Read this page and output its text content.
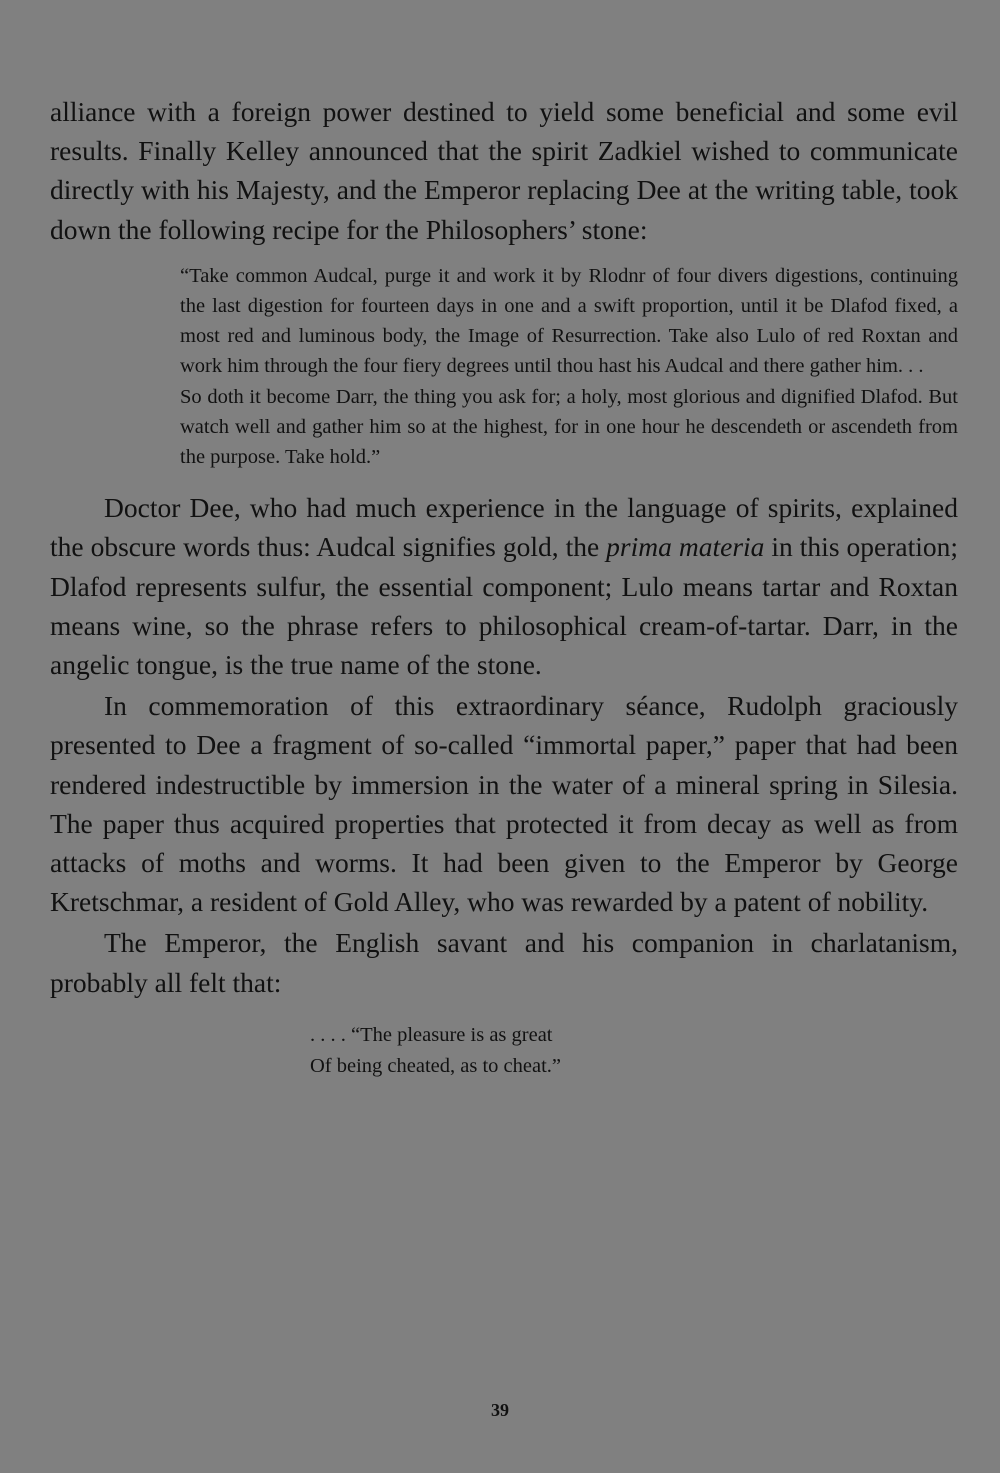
alliance with a foreign power destined to yield some beneficial and some evil results. Finally Kelley announced that the spirit Zadkiel wished to communicate directly with his Majesty, and the Emperor replacing Dee at the writing table, took down the following recipe for the Philosophers’ stone:

“Take common Audcal, purge it and work it by Rlodnr of four divers digestions, continuing the last digestion for fourteen days in one and a swift proportion, until it be Dlafod fixed, a most red and luminous body, the Image of Resurrection. Take also Lulo of red Roxtan and work him through the four fiery degrees until thou hast his Audcal and there gather him. . .

So doth it become Darr, the thing you ask for; a holy, most glorious and dignified Dlafod. But watch well and gather him so at the highest, for in one hour he descendeth or ascendeth from the purpose. Take hold.”

Doctor Dee, who had much experience in the language of spirits, explained the obscure words thus: Audcal signifies gold, the prima materia in this operation; Dlafod represents sulfur, the essential component; Lulo means tartar and Roxtan means wine, so the phrase refers to philosophical cream-of-tartar. Darr, in the angelic tongue, is the true name of the stone.

In commemoration of this extraordinary séance, Rudolph graciously presented to Dee a fragment of so-called “immortal paper,” paper that had been rendered indestructible by immersion in the water of a mineral spring in Silesia. The paper thus acquired properties that protected it from decay as well as from attacks of moths and worms. It had been given to the Emperor by George Kretschmar, a resident of Gold Alley, who was rewarded by a patent of nobility.

The Emperor, the English savant and his companion in charlatanism, probably all felt that:

. . . . “The pleasure is as great

Of being cheated, as to cheat.”

39
